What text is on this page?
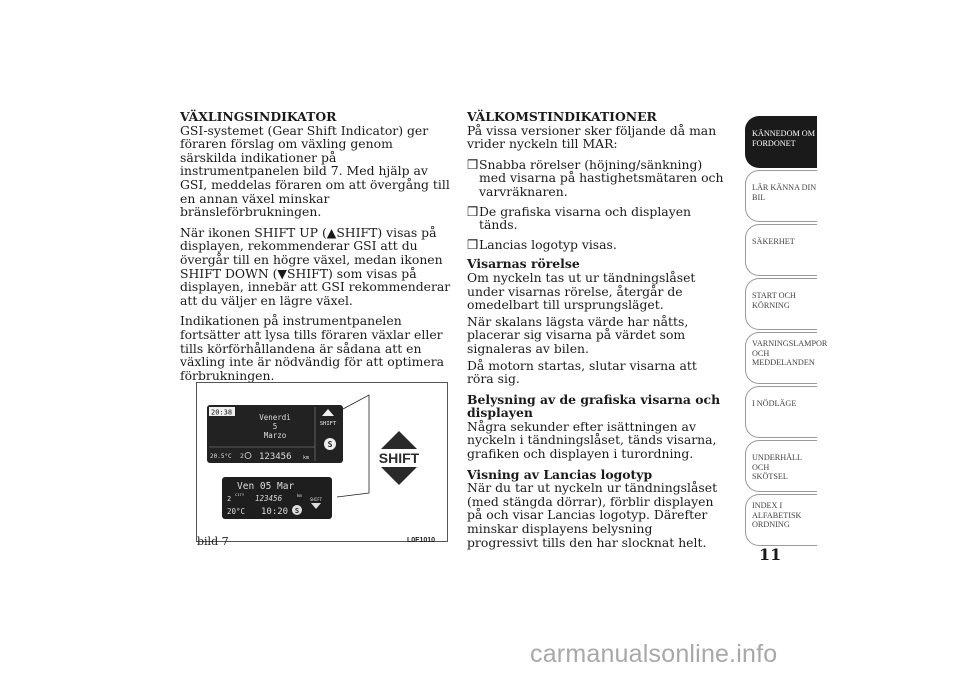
VÄXLINGSINDIKATOR

GSI-systemet (Gear Shift Indicator) ger föraren förslag om växling genom särskilda indikationer på instrumentpanelen bild 7. Med hjälp av GSI, meddelas föraren om att övergång till en annan växel minskar bränsleförbrukningen.

När ikonen SHIFT UP (▲SHIFT) visas på displayen, rekommenderar GSI att du övergår till en högre växel, medan ikonen SHIFT DOWN (▼SHIFT) som visas på displayen, innebär att GSI rekommenderar att du väljer en lägre växel.

Indikationen på instrumentpanelen fortsätter att lysa tills föraren växlar eller tills körförhållandena är sådana att en växling inte är nödvändig för att optimera förbrukningen.

VÄLKOMSTINDIKATIONER

På vissa versioner sker följande då man vrider nyckeln till MAR:

❒ Snabba rörelser (höjning/sänkning) med visarna på hastighetsmätaren och varvräknaren.
❒ De grafiska visarna och displayen tänds.
❒ Lancias logotyp visas.
Visarnas rörelse

Om nyckeln tas ut ur tändningslåset under visarnas rörelse, återgår de omedelbart till ursprungsläget.

När skalans lägsta värde har nåtts, placerar sig visarna på värdet som signaleras av bilen.

Då motorn startas, slutar visarna att röra sig.

Belysning av de grafiska visarna och displayen

Några sekunder efter isättningen av nyckeln i tändningslåset, tänds visarna, grafiken och displayen i turordning.

Visning av Lancias logotyp

När du tar ut nyckeln ur tändningslåset (med stängda dörrar), förblir displayen på och visar Lancias logotyp. Därefter minskar displayens belysning progressivt tills den har slocknat helt.

20:38
Venerdì
5
Marzo
20.5°C 2 123456 km
SHIFT
S
Ven 05 Mar
2
CITY 123456	km
20°C 10:20 S
SHIFT
SHIFT
bild 7	L0F1010
KÄNNEDOM OM
FORDONET
LÄR KÄNNA DIN
BIL
SÄKERHET
START OCH
KÖRNING
VARNINGSLAMPOR
OCH
MEDDELANDEN
I NÖDLÄGE
UNDERHÅLL OCH
SKÖTSEL
INDEX I
ALFABETISK
ORDNING
11
carmanualsonline.info
